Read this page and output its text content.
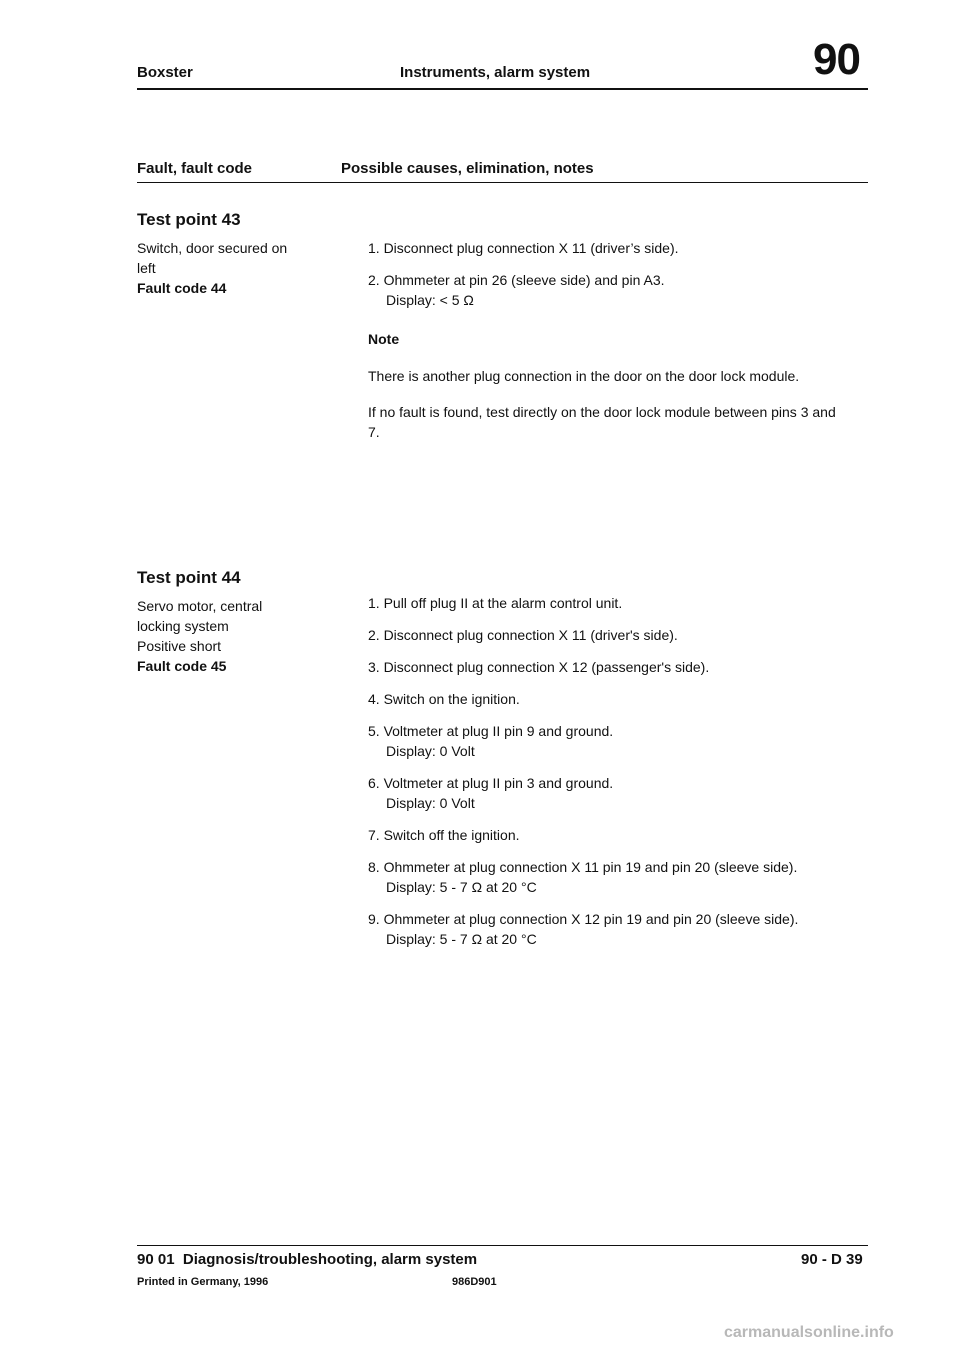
Boxster	Instruments, alarm system	90
Fault, fault code	Possible causes, elimination, notes
Test point 43
Switch, door secured on
left
Fault code 44
1. Disconnect plug connection X 11 (driver’s side).
2. Ohmmeter at pin 26 (sleeve side) and pin A3.
Display: < 5 Ω
Note
There is another plug connection in the door on the door lock module.
If no fault is found, test directly on the door lock module between pins 3 and 7.
Test point 44
Servo motor, central
locking system
Positive short
Fault code 45
1. Pull off plug II at the alarm control unit.
2. Disconnect plug connection X 11 (driver's side).
3. Disconnect plug connection X 12 (passenger's side).
4. Switch on the ignition.
5. Voltmeter at plug II pin 9 and ground.
Display: 0 Volt
6. Voltmeter at plug II pin 3 and ground.
Display: 0 Volt
7. Switch off the ignition.
8. Ohmmeter at plug connection X 11 pin 19 and pin 20 (sleeve side).
Display: 5 - 7 Ω at 20 °C
9. Ohmmeter at plug connection X 12 pin 19 and pin 20 (sleeve side).
Display: 5 - 7 Ω at 20 °C
90 01  Diagnosis/troubleshooting, alarm system	90 - D 39
Printed in Germany, 1996	986D901
carmanualsonline.info
